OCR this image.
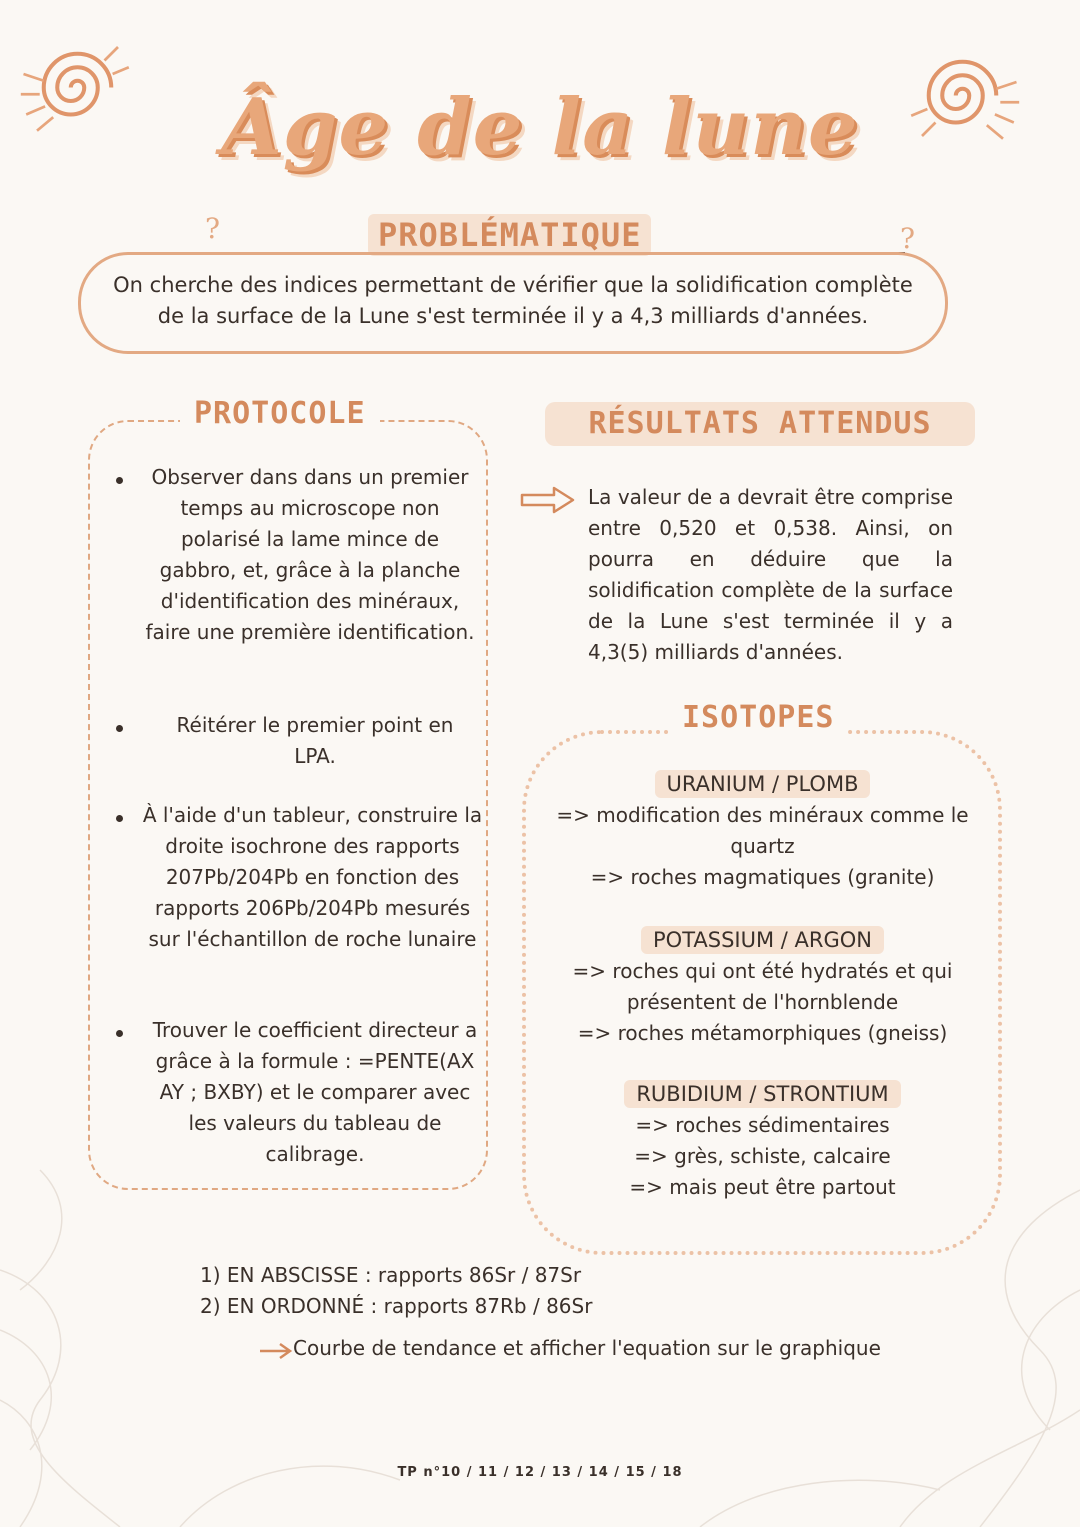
Âge de la lune
?	?
PROBLÉMATIQUE
On cherche des indices permettant de vérifier que la solidification complète
de la surface de la Lune s'est terminée il y a 4,3 milliards d'années.
PROTOCOLE
Observer dans dans un premier temps au microscope non polarisé la lame mince de gabbro, et, grâce à la planche d'identification des minéraux, faire une première identification.
Réitérer le premier point en LPA.
À l'aide d'un tableur, construire la droite isochrone des rapports 207Pb/204Pb en fonction des rapports 206Pb/204Pb mesurés sur l'échantillon de roche lunaire
Trouver le coefficient directeur a grâce à la formule : =PENTE(AX AY ; BXBY) et le comparer avec les valeurs du tableau de calibrage.
RÉSULTATS ATTENDUS
La valeur de a devrait être comprise entre 0,520 et 0,538. Ainsi, on pourra en déduire que la solidification complète de la surface de la Lune s'est terminée il y a 4,3(5) milliards d'années.
ISOTOPES
URANIUM / PLOMB
=> modification des minéraux comme le quartz
=> roches magmatiques (granite)
POTASSIUM / ARGON
=> roches qui ont été hydratés et qui présentent de l'hornblende
=> roches métamorphiques (gneiss)
RUBIDIUM / STRONTIUM
=> roches sédimentaires
=> grès, schiste, calcaire
=> mais peut être partout
1) EN ABSCISSE : rapports 86Sr / 87Sr
2) EN ORDONNÉ : rapports 87Rb / 86Sr
Courbe de tendance et afficher l'equation sur le graphique
TP n°10 / 11 / 12 / 13 / 14 / 15 / 18
